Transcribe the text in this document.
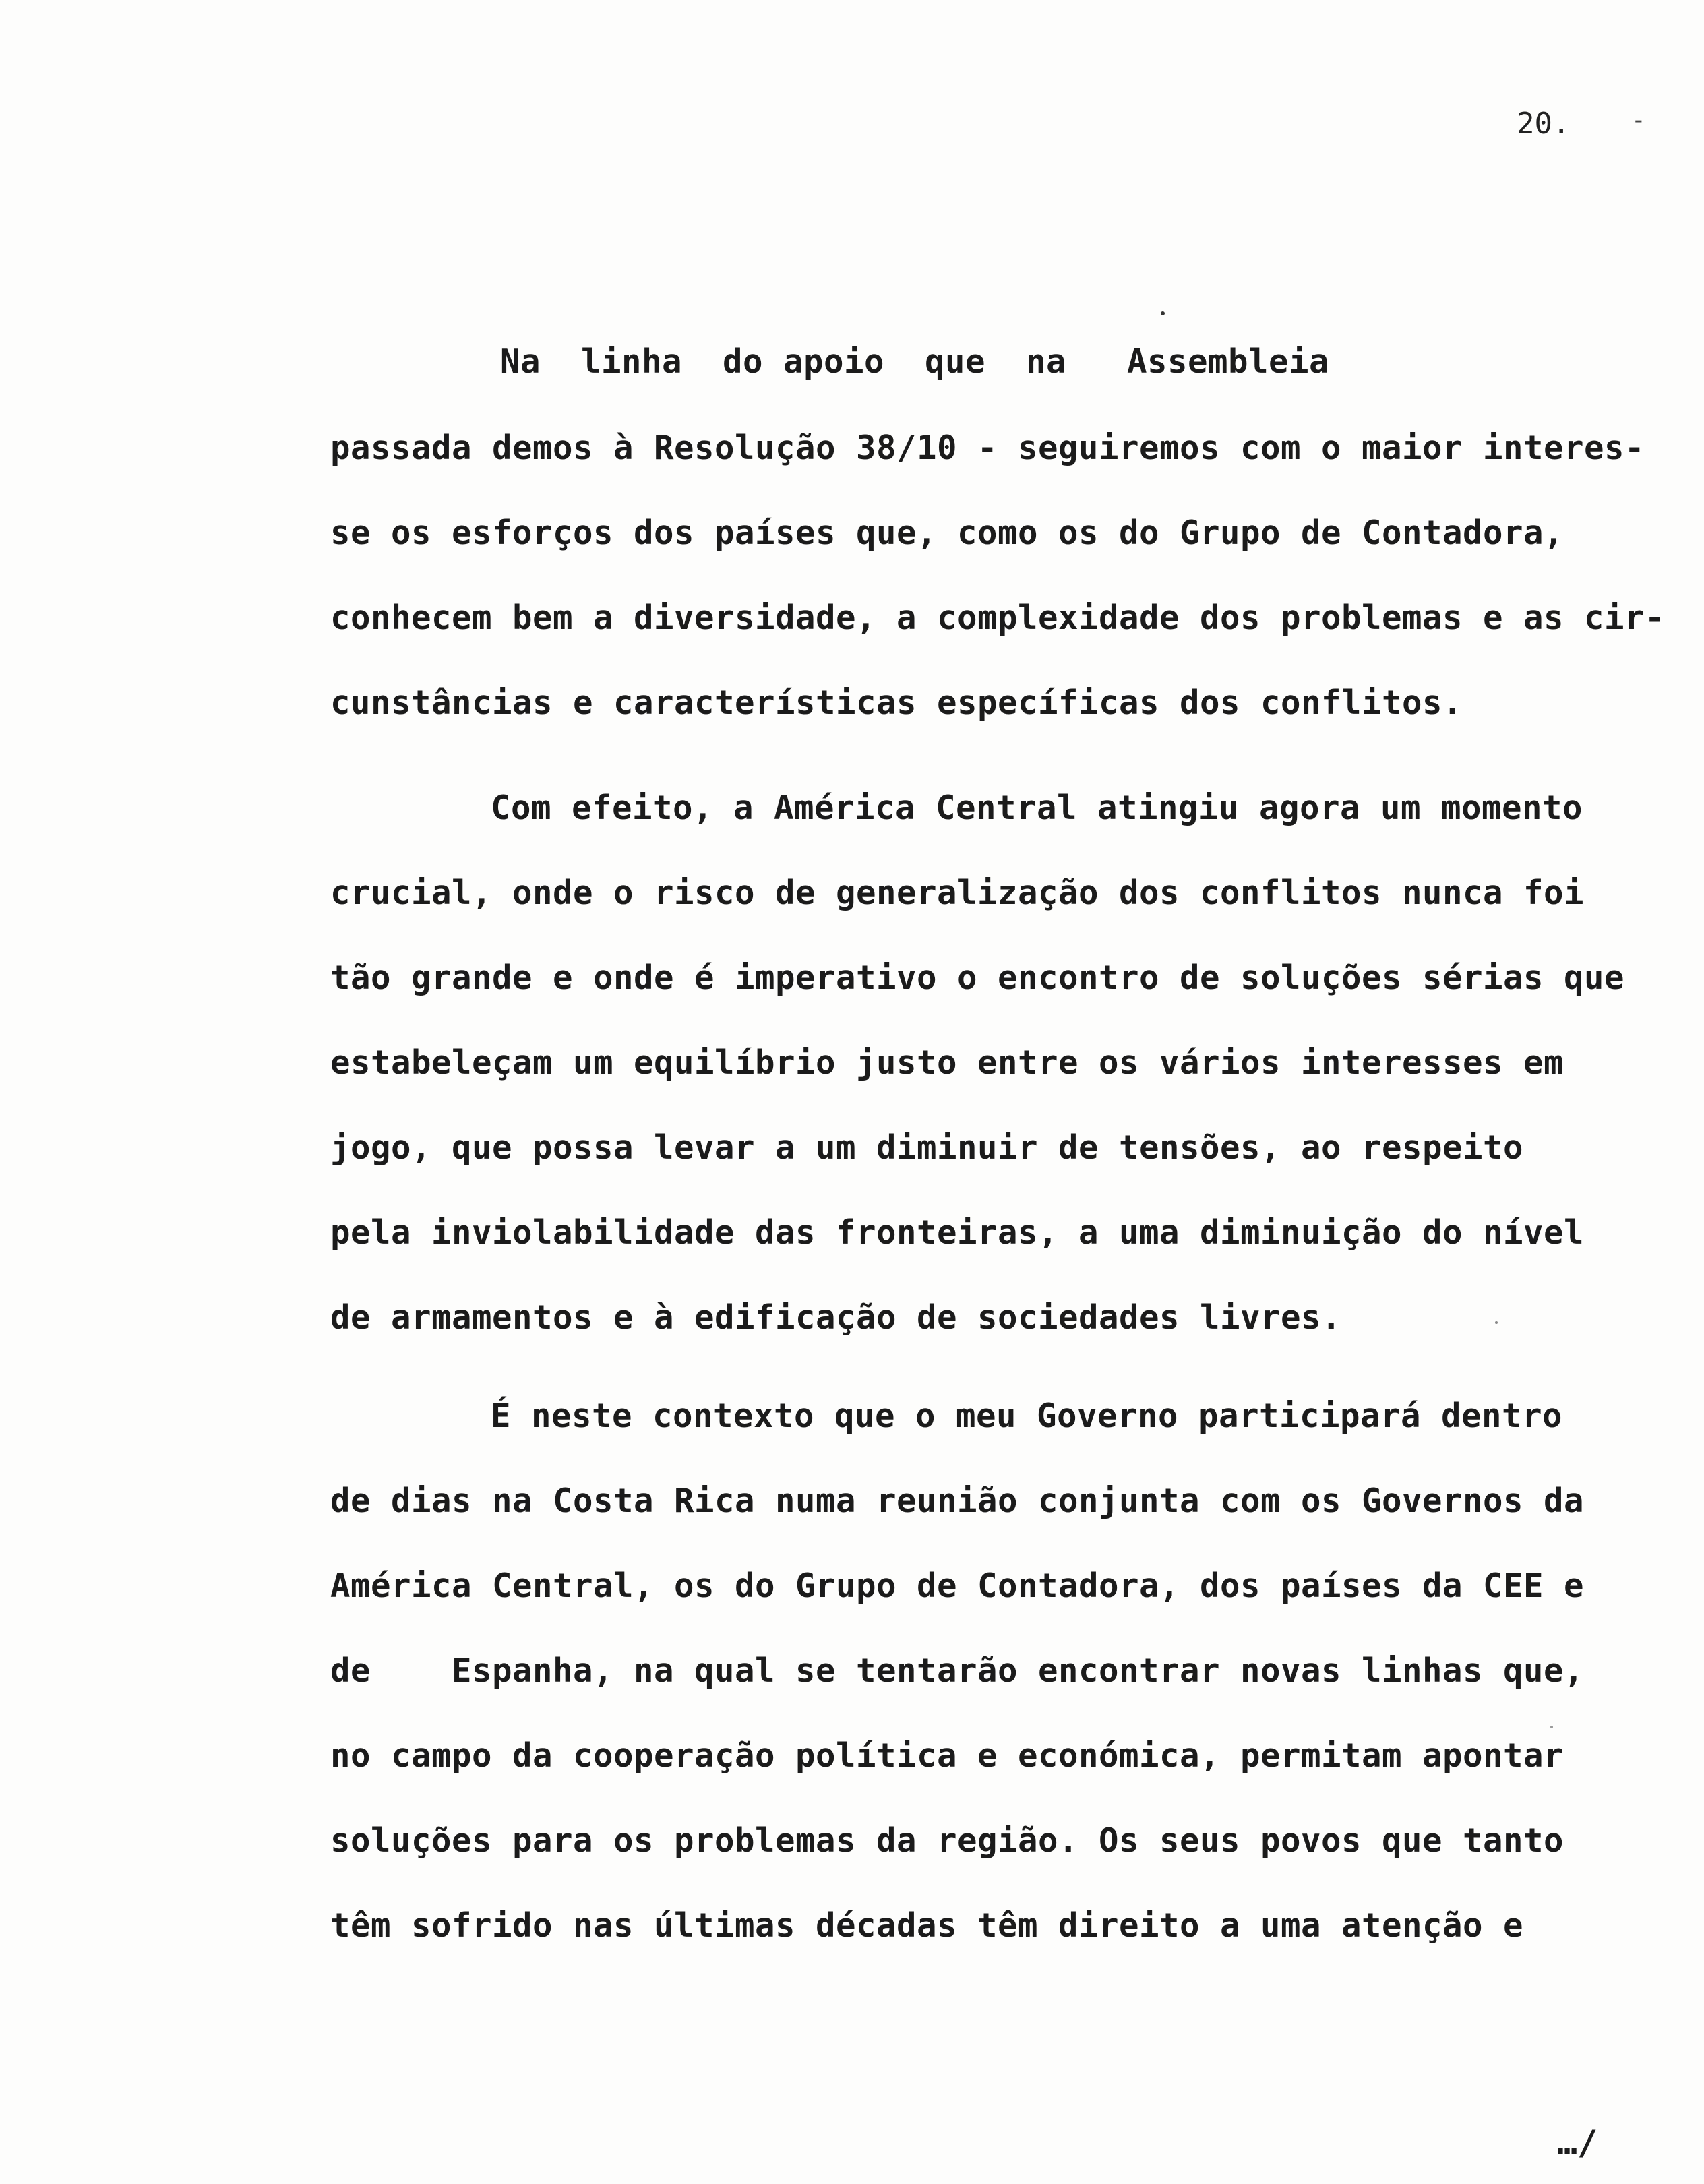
20.	-
Na  linha  do apoio  que  na   Assembleia
passada demos à Resolução 38/10 - seguiremos com o maior interes-
se os esforços dos países que, como os do Grupo de Contadora,
conhecem bem a diversidade, a complexidade dos problemas e as cir-
cunstâncias e características específicas dos conflitos.
Com efeito, a América Central atingiu agora um momento
crucial, onde o risco de generalização dos conflitos nunca foi
tão grande e onde é imperativo o encontro de soluções sérias que
estabeleçam um equilíbrio justo entre os vários interesses em
jogo, que possa levar a um diminuir de tensões, ao respeito
pela inviolabilidade das fronteiras, a uma diminuição do nível
de armamentos e à edificação de sociedades livres.
É neste contexto que o meu Governo participará dentro
de dias na Costa Rica numa reunião conjunta com os Governos da
América Central, os do Grupo de Contadora, dos países da CEE e
de    Espanha, na qual se tentarão encontrar novas linhas que,
no campo da cooperação política e económica, permitam apontar
soluções para os problemas da região. Os seus povos que tanto
têm sofrido nas últimas décadas têm direito a uma atenção e
…/
